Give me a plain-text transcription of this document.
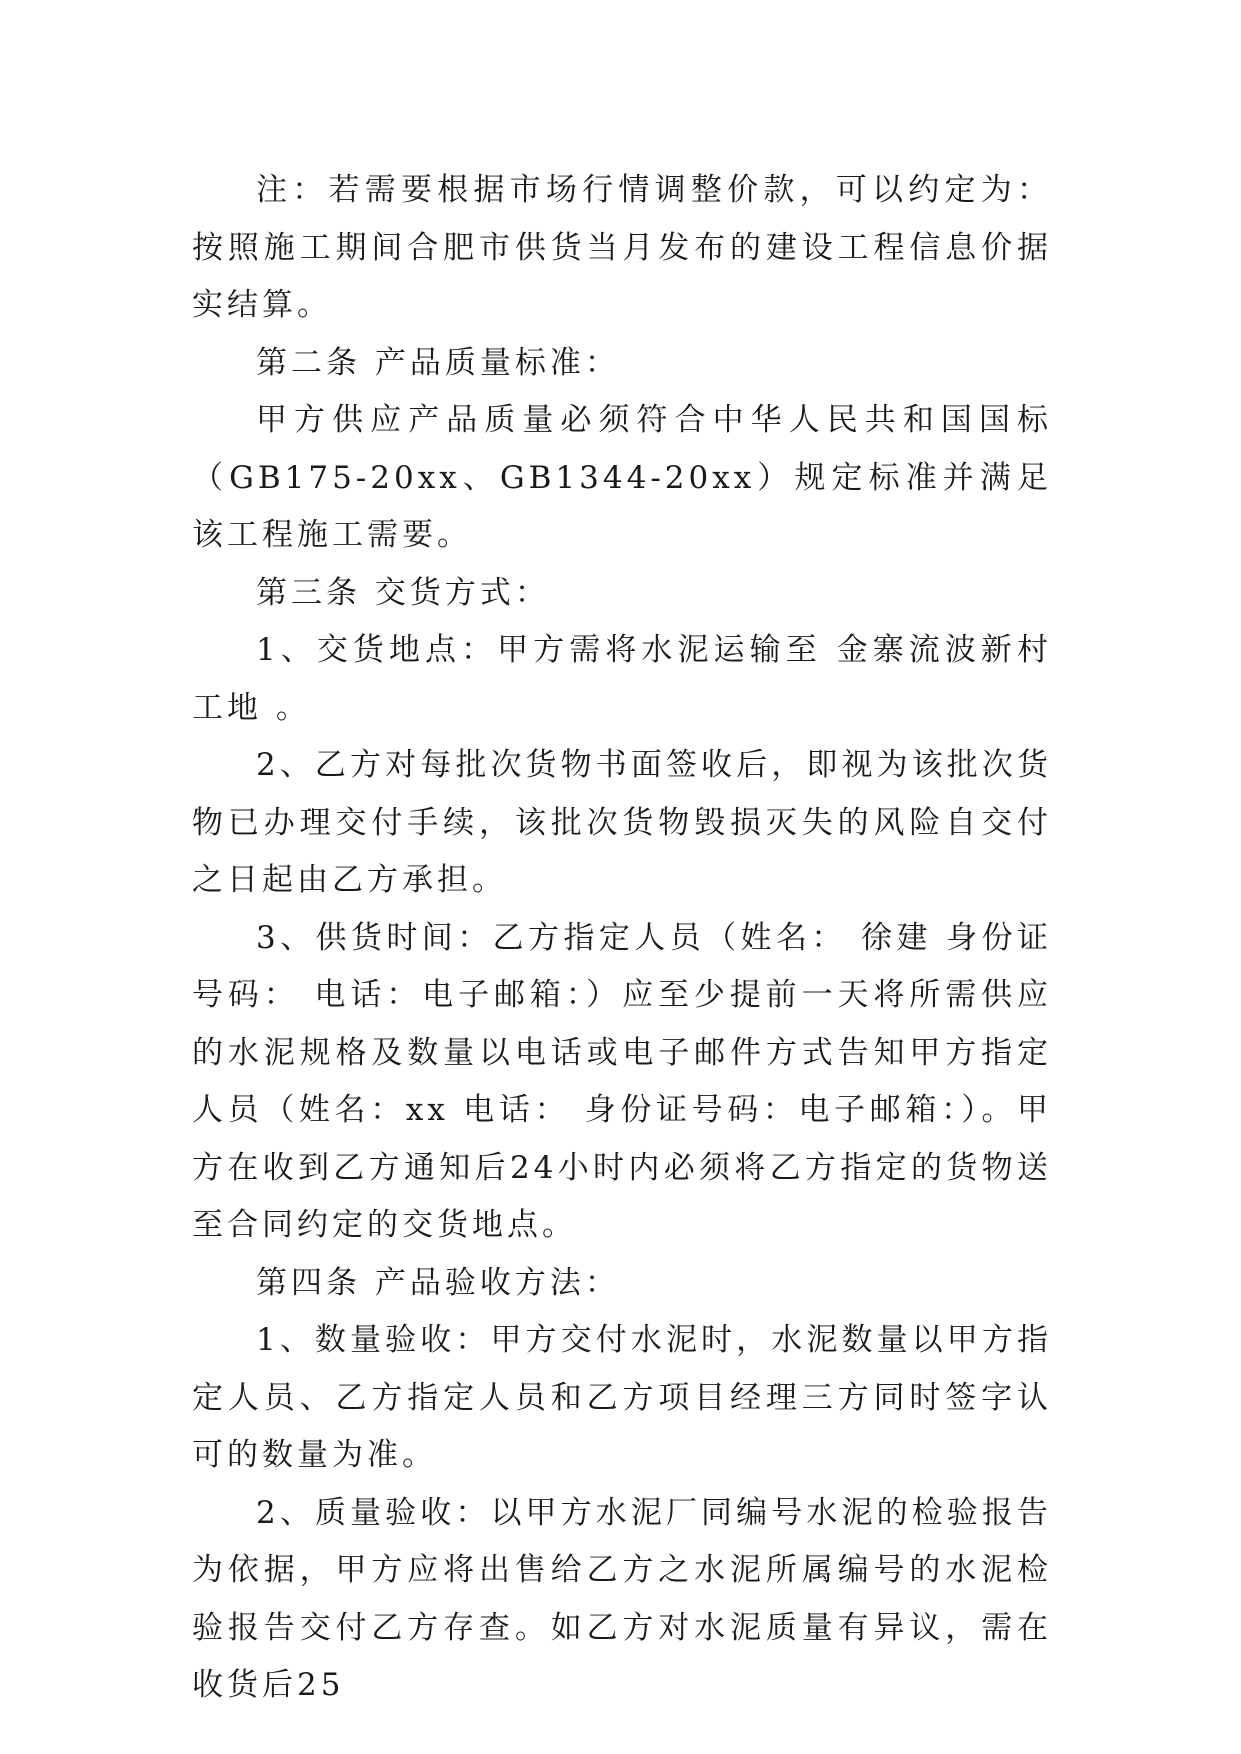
注：若需要根据市场行情调整价款，可以约定为：按照施工期间合肥市供货当月发布的建设工程信息价据实结算。

第二条 产品质量标准：

甲方供应产品质量必须符合中华人民共和国国标（GB175-20xx、GB1344-20xx）规定标准并满足该工程施工需要。

第三条 交货方式：

1、交货地点：甲方需将水泥运输至 金寨流波新村工地 。

2、乙方对每批次货物书面签收后，即视为该批次货物已办理交付手续，该批次货物毁损灭失的风险自交付之日起由乙方承担。

3、供货时间：乙方指定人员（姓名： 徐建 身份证号码： 电话：电子邮箱：）应至少提前一天将所需供应的水泥规格及数量以电话或电子邮件方式告知甲方指定人员（姓名：xx 电话： 身份证号码：电子邮箱：）。甲方在收到乙方通知后24小时内必须将乙方指定的货物送至合同约定的交货地点。

第四条 产品验收方法：

1、数量验收：甲方交付水泥时，水泥数量以甲方指定人员、乙方指定人员和乙方项目经理三方同时签字认可的数量为准。

2、质量验收：以甲方水泥厂同编号水泥的检验报告为依据，甲方应将出售给乙方之水泥所属编号的水泥检验报告交付乙方存查。如乙方对水泥质量有异议，需在收货后25
